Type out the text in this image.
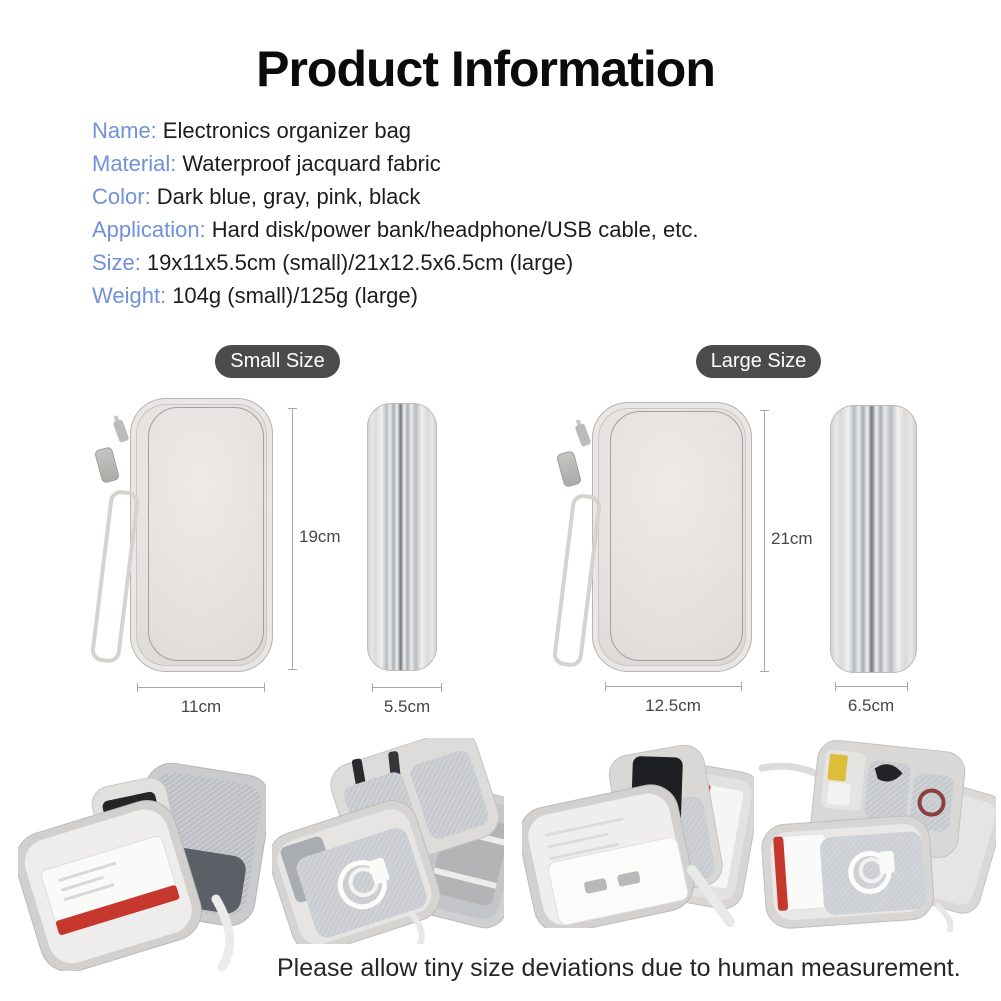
Product Information
Name: Electronics organizer bag
Material: Waterproof jacquard fabric
Color: Dark blue, gray, pink, black
Application: Hard disk/power bank/headphone/USB cable, etc.
Size: 19x11x5.5cm (small)/21x12.5x6.5cm (large)
Weight: 104g (small)/125g (large)
Small Size	Large Size
19cm
11cm	5.5cm
21cm
12.5cm	6.5cm
Please allow tiny size deviations due to human measurement.
